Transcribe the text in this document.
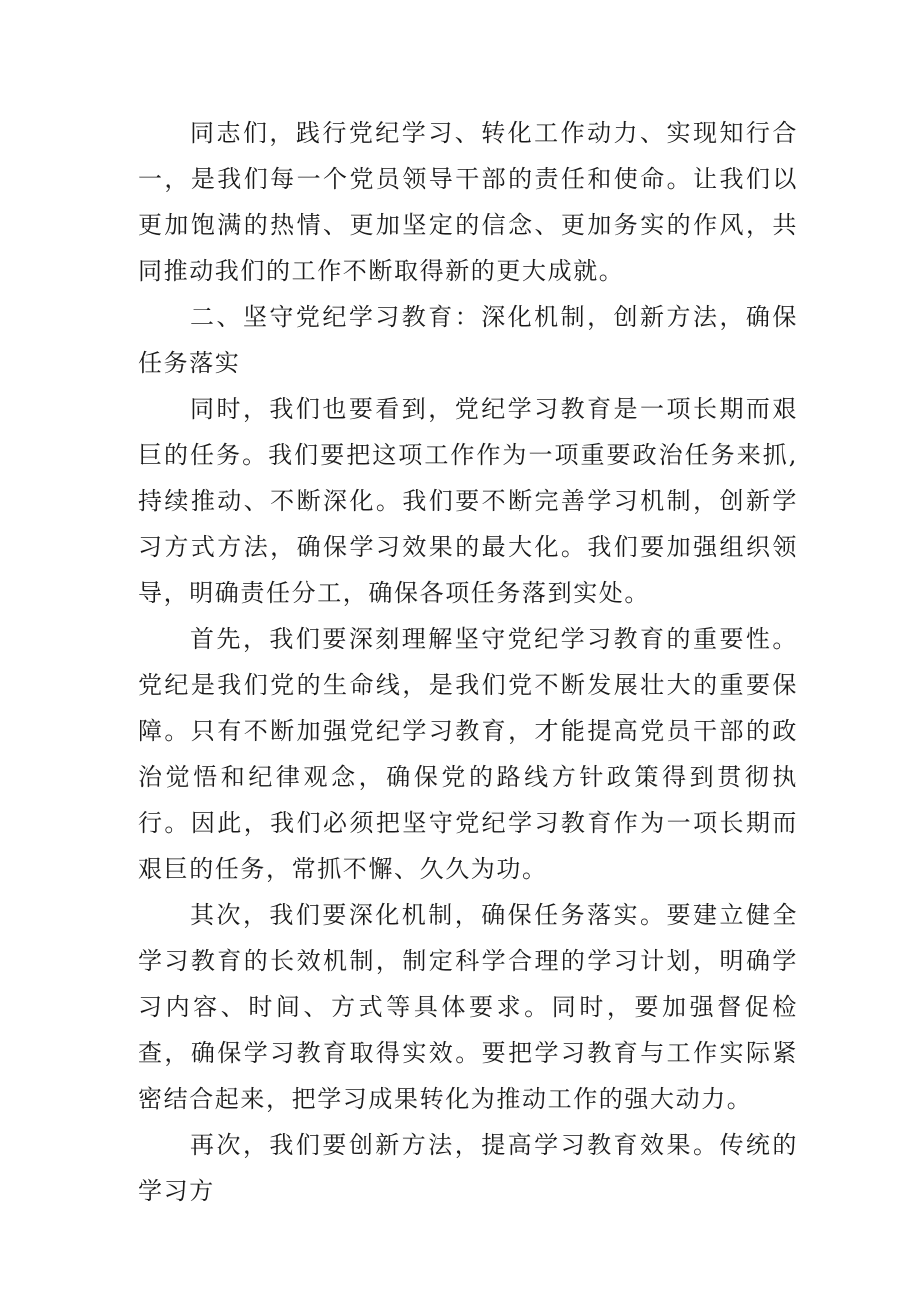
同志们，践行党纪学习、转化工作动力、实现知行合一，是我们每一个党员领导干部的责任和使命。让我们以更加饱满的热情、更加坚定的信念、更加务实的作风，共同推动我们的工作不断取得新的更大成就。

二、坚守党纪学习教育：深化机制，创新方法，确保任务落实

同时，我们也要看到，党纪学习教育是一项长期而艰巨的任务。我们要把这项工作作为一项重要政治任务来抓,持续推动、不断深化。我们要不断完善学习机制，创新学习方式方法，确保学习效果的最大化。我们要加强组织领导，明确责任分工，确保各项任务落到实处。

首先，我们要深刻理解坚守党纪学习教育的重要性。党纪是我们党的生命线，是我们党不断发展壮大的重要保障。只有不断加强党纪学习教育，才能提高党员干部的政治觉悟和纪律观念，确保党的路线方针政策得到贯彻执行。因此，我们必须把坚守党纪学习教育作为一项长期而艰巨的任务，常抓不懈、久久为功。

其次，我们要深化机制，确保任务落实。要建立健全学习教育的长效机制，制定科学合理的学习计划，明确学习内容、时间、方式等具体要求。同时，要加强督促检查，确保学习教育取得实效。要把学习教育与工作实际紧密结合起来，把学习成果转化为推动工作的强大动力。

再次，我们要创新方法，提高学习教育效果。传统的学习方
